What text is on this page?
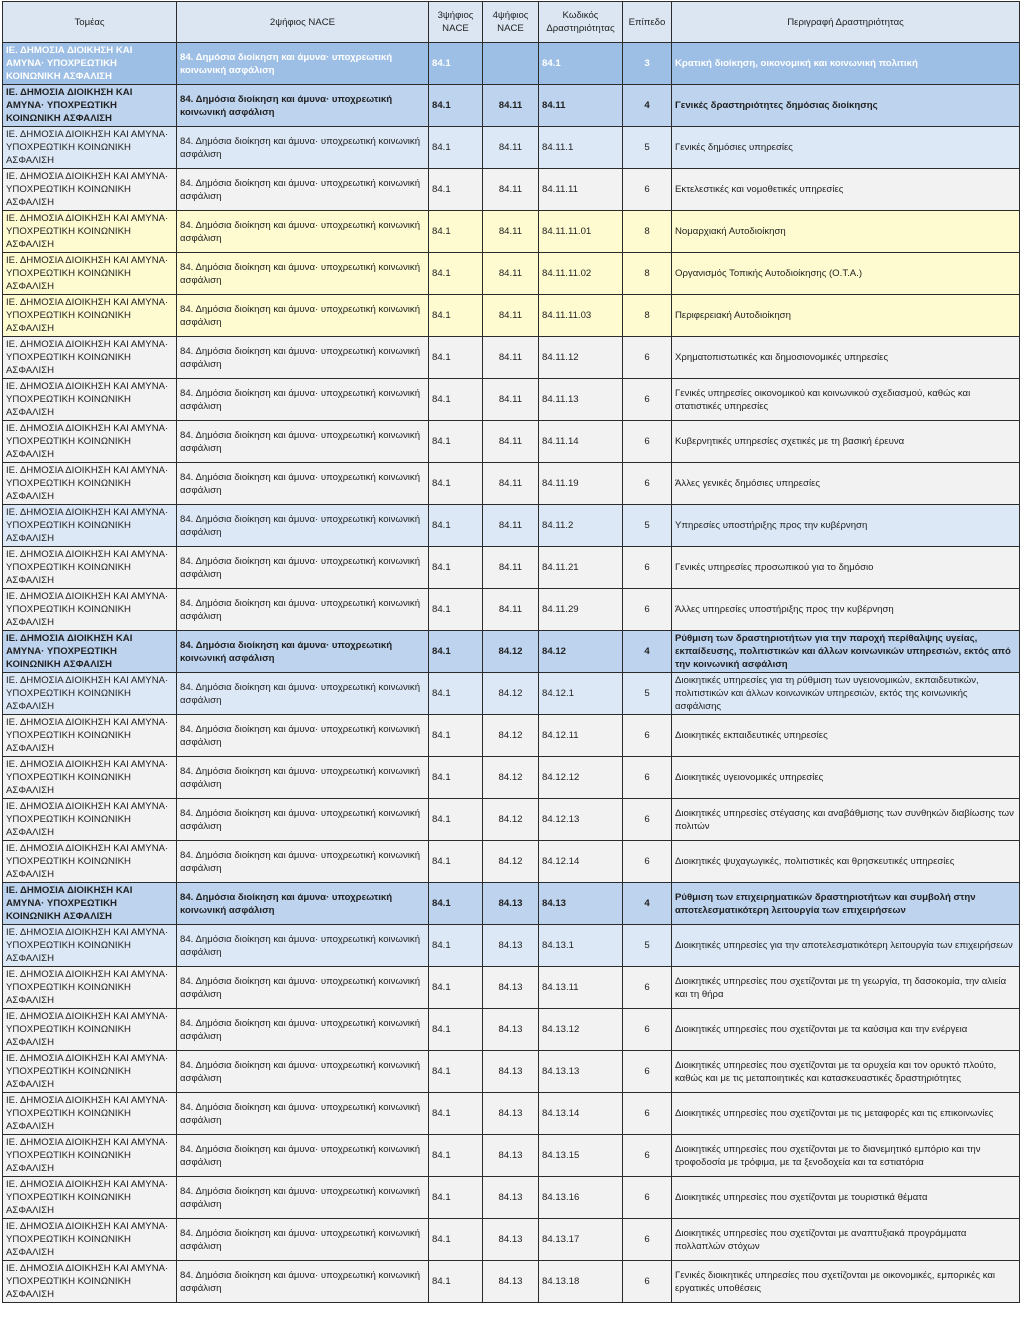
Τομέας	2ψήφιος NACE	3ψήφιος NACE	4ψήφιος NACE	Κωδικός Δραστηριότητας	Επίπεδο	Περιγραφή Δραστηριότητας
ΙΕ. ΔΗΜΟΣΙΑ ΔΙΟΙΚΗΣΗ ΚΑΙ ΑΜΥΝΑ· ΥΠΟΧΡΕΩΤΙΚΗ ΚΟΙΝΩΝΙΚΗ ΑΣΦΑΛΙΣΗ	84. Δημόσια διοίκηση και άμυνα· υποχρεωτική κοινωνική ασφάλιση	84.1		84.1	3	Κρατική διοίκηση, οικονομική και κοινωνική πολιτική
ΙΕ. ΔΗΜΟΣΙΑ ΔΙΟΙΚΗΣΗ ΚΑΙ ΑΜΥΝΑ· ΥΠΟΧΡΕΩΤΙΚΗ ΚΟΙΝΩΝΙΚΗ ΑΣΦΑΛΙΣΗ	84. Δημόσια διοίκηση και άμυνα· υποχρεωτική κοινωνική ασφάλιση	84.1	84.11	84.11	4	Γενικές δραστηριότητες δημόσιας διοίκησης
ΙΕ. ΔΗΜΟΣΙΑ ΔΙΟΙΚΗΣΗ ΚΑΙ ΑΜΥΝΑ· ΥΠΟΧΡΕΩΤΙΚΗ ΚΟΙΝΩΝΙΚΗ ΑΣΦΑΛΙΣΗ	84. Δημόσια διοίκηση και άμυνα· υποχρεωτική κοινωνική ασφάλιση	84.1	84.11	84.11.1	5	Γενικές δημόσιες υπηρεσίες
ΙΕ. ΔΗΜΟΣΙΑ ΔΙΟΙΚΗΣΗ ΚΑΙ ΑΜΥΝΑ· ΥΠΟΧΡΕΩΤΙΚΗ ΚΟΙΝΩΝΙΚΗ ΑΣΦΑΛΙΣΗ	84. Δημόσια διοίκηση και άμυνα· υποχρεωτική κοινωνική ασφάλιση	84.1	84.11	84.11.11	6	Εκτελεστικές και νομοθετικές υπηρεσίες
ΙΕ. ΔΗΜΟΣΙΑ ΔΙΟΙΚΗΣΗ ΚΑΙ ΑΜΥΝΑ· ΥΠΟΧΡΕΩΤΙΚΗ ΚΟΙΝΩΝΙΚΗ ΑΣΦΑΛΙΣΗ	84. Δημόσια διοίκηση και άμυνα· υποχρεωτική κοινωνική ασφάλιση	84.1	84.11	84.11.11.01	8	Νομαρχιακή Αυτοδιοίκηση
ΙΕ. ΔΗΜΟΣΙΑ ΔΙΟΙΚΗΣΗ ΚΑΙ ΑΜΥΝΑ· ΥΠΟΧΡΕΩΤΙΚΗ ΚΟΙΝΩΝΙΚΗ ΑΣΦΑΛΙΣΗ	84. Δημόσια διοίκηση και άμυνα· υποχρεωτική κοινωνική ασφάλιση	84.1	84.11	84.11.11.02	8	Οργανισμός Τοπικής Αυτοδιοίκησης (Ο.Τ.Α.)
ΙΕ. ΔΗΜΟΣΙΑ ΔΙΟΙΚΗΣΗ ΚΑΙ ΑΜΥΝΑ· ΥΠΟΧΡΕΩΤΙΚΗ ΚΟΙΝΩΝΙΚΗ ΑΣΦΑΛΙΣΗ	84. Δημόσια διοίκηση και άμυνα· υποχρεωτική κοινωνική ασφάλιση	84.1	84.11	84.11.11.03	8	Περιφερειακή Αυτοδιοίκηση
ΙΕ. ΔΗΜΟΣΙΑ ΔΙΟΙΚΗΣΗ ΚΑΙ ΑΜΥΝΑ· ΥΠΟΧΡΕΩΤΙΚΗ ΚΟΙΝΩΝΙΚΗ ΑΣΦΑΛΙΣΗ	84. Δημόσια διοίκηση και άμυνα· υποχρεωτική κοινωνική ασφάλιση	84.1	84.11	84.11.12	6	Χρηματοπιστωτικές και δημοσιονομικές υπηρεσίες
ΙΕ. ΔΗΜΟΣΙΑ ΔΙΟΙΚΗΣΗ ΚΑΙ ΑΜΥΝΑ· ΥΠΟΧΡΕΩΤΙΚΗ ΚΟΙΝΩΝΙΚΗ ΑΣΦΑΛΙΣΗ	84. Δημόσια διοίκηση και άμυνα· υποχρεωτική κοινωνική ασφάλιση	84.1	84.11	84.11.13	6	Γενικές υπηρεσίες οικονομικού και κοινωνικού σχεδιασμού, καθώς και στατιστικές υπηρεσίες
ΙΕ. ΔΗΜΟΣΙΑ ΔΙΟΙΚΗΣΗ ΚΑΙ ΑΜΥΝΑ· ΥΠΟΧΡΕΩΤΙΚΗ ΚΟΙΝΩΝΙΚΗ ΑΣΦΑΛΙΣΗ	84. Δημόσια διοίκηση και άμυνα· υποχρεωτική κοινωνική ασφάλιση	84.1	84.11	84.11.14	6	Κυβερνητικές υπηρεσίες σχετικές με τη βασική έρευνα
ΙΕ. ΔΗΜΟΣΙΑ ΔΙΟΙΚΗΣΗ ΚΑΙ ΑΜΥΝΑ· ΥΠΟΧΡΕΩΤΙΚΗ ΚΟΙΝΩΝΙΚΗ ΑΣΦΑΛΙΣΗ	84. Δημόσια διοίκηση και άμυνα· υποχρεωτική κοινωνική ασφάλιση	84.1	84.11	84.11.19	6	Άλλες γενικές δημόσιες υπηρεσίες
ΙΕ. ΔΗΜΟΣΙΑ ΔΙΟΙΚΗΣΗ ΚΑΙ ΑΜΥΝΑ· ΥΠΟΧΡΕΩΤΙΚΗ ΚΟΙΝΩΝΙΚΗ ΑΣΦΑΛΙΣΗ	84. Δημόσια διοίκηση και άμυνα· υποχρεωτική κοινωνική ασφάλιση	84.1	84.11	84.11.2	5	Υπηρεσίες υποστήριξης προς την κυβέρνηση
ΙΕ. ΔΗΜΟΣΙΑ ΔΙΟΙΚΗΣΗ ΚΑΙ ΑΜΥΝΑ· ΥΠΟΧΡΕΩΤΙΚΗ ΚΟΙΝΩΝΙΚΗ ΑΣΦΑΛΙΣΗ	84. Δημόσια διοίκηση και άμυνα· υποχρεωτική κοινωνική ασφάλιση	84.1	84.11	84.11.21	6	Γενικές υπηρεσίες προσωπικού για το δημόσιο
ΙΕ. ΔΗΜΟΣΙΑ ΔΙΟΙΚΗΣΗ ΚΑΙ ΑΜΥΝΑ· ΥΠΟΧΡΕΩΤΙΚΗ ΚΟΙΝΩΝΙΚΗ ΑΣΦΑΛΙΣΗ	84. Δημόσια διοίκηση και άμυνα· υποχρεωτική κοινωνική ασφάλιση	84.1	84.11	84.11.29	6	Άλλες υπηρεσίες υποστήριξης προς την κυβέρνηση
ΙΕ. ΔΗΜΟΣΙΑ ΔΙΟΙΚΗΣΗ ΚΑΙ ΑΜΥΝΑ· ΥΠΟΧΡΕΩΤΙΚΗ ΚΟΙΝΩΝΙΚΗ ΑΣΦΑΛΙΣΗ	84. Δημόσια διοίκηση και άμυνα· υποχρεωτική κοινωνική ασφάλιση	84.1	84.12	84.12	4	Ρύθμιση των δραστηριοτήτων για την παροχή περίθαλψης υγείας, εκπαίδευσης, πολιτιστικών και άλλων κοινωνικών υπηρεσιών, εκτός από την κοινωνική ασφάλιση
ΙΕ. ΔΗΜΟΣΙΑ ΔΙΟΙΚΗΣΗ ΚΑΙ ΑΜΥΝΑ· ΥΠΟΧΡΕΩΤΙΚΗ ΚΟΙΝΩΝΙΚΗ ΑΣΦΑΛΙΣΗ	84. Δημόσια διοίκηση και άμυνα· υποχρεωτική κοινωνική ασφάλιση	84.1	84.12	84.12.1	5	Διοικητικές υπηρεσίες για τη ρύθμιση των υγειονομικών, εκπαιδευτικών, πολιτιστικών και άλλων κοινωνικών υπηρεσιών, εκτός της κοινωνικής ασφάλισης
ΙΕ. ΔΗΜΟΣΙΑ ΔΙΟΙΚΗΣΗ ΚΑΙ ΑΜΥΝΑ· ΥΠΟΧΡΕΩΤΙΚΗ ΚΟΙΝΩΝΙΚΗ ΑΣΦΑΛΙΣΗ	84. Δημόσια διοίκηση και άμυνα· υποχρεωτική κοινωνική ασφάλιση	84.1	84.12	84.12.11	6	Διοικητικές εκπαιδευτικές υπηρεσίες
ΙΕ. ΔΗΜΟΣΙΑ ΔΙΟΙΚΗΣΗ ΚΑΙ ΑΜΥΝΑ· ΥΠΟΧΡΕΩΤΙΚΗ ΚΟΙΝΩΝΙΚΗ ΑΣΦΑΛΙΣΗ	84. Δημόσια διοίκηση και άμυνα· υποχρεωτική κοινωνική ασφάλιση	84.1	84.12	84.12.12	6	Διοικητικές υγειονομικές υπηρεσίες
ΙΕ. ΔΗΜΟΣΙΑ ΔΙΟΙΚΗΣΗ ΚΑΙ ΑΜΥΝΑ· ΥΠΟΧΡΕΩΤΙΚΗ ΚΟΙΝΩΝΙΚΗ ΑΣΦΑΛΙΣΗ	84. Δημόσια διοίκηση και άμυνα· υποχρεωτική κοινωνική ασφάλιση	84.1	84.12	84.12.13	6	Διοικητικές υπηρεσίες στέγασης και αναβάθμισης των συνθηκών διαβίωσης των πολιτών
ΙΕ. ΔΗΜΟΣΙΑ ΔΙΟΙΚΗΣΗ ΚΑΙ ΑΜΥΝΑ· ΥΠΟΧΡΕΩΤΙΚΗ ΚΟΙΝΩΝΙΚΗ ΑΣΦΑΛΙΣΗ	84. Δημόσια διοίκηση και άμυνα· υποχρεωτική κοινωνική ασφάλιση	84.1	84.12	84.12.14	6	Διοικητικές ψυχαγωγικές, πολιτιστικές και θρησκευτικές υπηρεσίες
ΙΕ. ΔΗΜΟΣΙΑ ΔΙΟΙΚΗΣΗ ΚΑΙ ΑΜΥΝΑ· ΥΠΟΧΡΕΩΤΙΚΗ ΚΟΙΝΩΝΙΚΗ ΑΣΦΑΛΙΣΗ	84. Δημόσια διοίκηση και άμυνα· υποχρεωτική κοινωνική ασφάλιση	84.1	84.13	84.13	4	Ρύθμιση των επιχειρηματικών δραστηριοτήτων και συμβολή στην αποτελεσματικότερη λειτουργία των επιχειρήσεων
ΙΕ. ΔΗΜΟΣΙΑ ΔΙΟΙΚΗΣΗ ΚΑΙ ΑΜΥΝΑ· ΥΠΟΧΡΕΩΤΙΚΗ ΚΟΙΝΩΝΙΚΗ ΑΣΦΑΛΙΣΗ	84. Δημόσια διοίκηση και άμυνα· υποχρεωτική κοινωνική ασφάλιση	84.1	84.13	84.13.1	5	Διοικητικές υπηρεσίες για την αποτελεσματικότερη λειτουργία των επιχειρήσεων
ΙΕ. ΔΗΜΟΣΙΑ ΔΙΟΙΚΗΣΗ ΚΑΙ ΑΜΥΝΑ· ΥΠΟΧΡΕΩΤΙΚΗ ΚΟΙΝΩΝΙΚΗ ΑΣΦΑΛΙΣΗ	84. Δημόσια διοίκηση και άμυνα· υποχρεωτική κοινωνική ασφάλιση	84.1	84.13	84.13.11	6	Διοικητικές υπηρεσίες που σχετίζονται με τη γεωργία, τη δασοκομία, την αλιεία και τη θήρα
ΙΕ. ΔΗΜΟΣΙΑ ΔΙΟΙΚΗΣΗ ΚΑΙ ΑΜΥΝΑ· ΥΠΟΧΡΕΩΤΙΚΗ ΚΟΙΝΩΝΙΚΗ ΑΣΦΑΛΙΣΗ	84. Δημόσια διοίκηση και άμυνα· υποχρεωτική κοινωνική ασφάλιση	84.1	84.13	84.13.12	6	Διοικητικές υπηρεσίες που σχετίζονται με τα καύσιμα και την ενέργεια
ΙΕ. ΔΗΜΟΣΙΑ ΔΙΟΙΚΗΣΗ ΚΑΙ ΑΜΥΝΑ· ΥΠΟΧΡΕΩΤΙΚΗ ΚΟΙΝΩΝΙΚΗ ΑΣΦΑΛΙΣΗ	84. Δημόσια διοίκηση και άμυνα· υποχρεωτική κοινωνική ασφάλιση	84.1	84.13	84.13.13	6	Διοικητικές υπηρεσίες που σχετίζονται με τα ορυχεία και τον ορυκτό πλούτο, καθώς και με τις μεταποιητικές και κατασκευαστικές δραστηριότητες
ΙΕ. ΔΗΜΟΣΙΑ ΔΙΟΙΚΗΣΗ ΚΑΙ ΑΜΥΝΑ· ΥΠΟΧΡΕΩΤΙΚΗ ΚΟΙΝΩΝΙΚΗ ΑΣΦΑΛΙΣΗ	84. Δημόσια διοίκηση και άμυνα· υποχρεωτική κοινωνική ασφάλιση	84.1	84.13	84.13.14	6	Διοικητικές υπηρεσίες που σχετίζονται με τις μεταφορές και τις επικοινωνίες
ΙΕ. ΔΗΜΟΣΙΑ ΔΙΟΙΚΗΣΗ ΚΑΙ ΑΜΥΝΑ· ΥΠΟΧΡΕΩΤΙΚΗ ΚΟΙΝΩΝΙΚΗ ΑΣΦΑΛΙΣΗ	84. Δημόσια διοίκηση και άμυνα· υποχρεωτική κοινωνική ασφάλιση	84.1	84.13	84.13.15	6	Διοικητικές υπηρεσίες που σχετίζονται με το διανεμητικό εμπόριο και την τροφοδοσία με τρόφιμα, με τα ξενοδοχεία και τα εστιατόρια
ΙΕ. ΔΗΜΟΣΙΑ ΔΙΟΙΚΗΣΗ ΚΑΙ ΑΜΥΝΑ· ΥΠΟΧΡΕΩΤΙΚΗ ΚΟΙΝΩΝΙΚΗ ΑΣΦΑΛΙΣΗ	84. Δημόσια διοίκηση και άμυνα· υποχρεωτική κοινωνική ασφάλιση	84.1	84.13	84.13.16	6	Διοικητικές υπηρεσίες που σχετίζονται με τουριστικά θέματα
ΙΕ. ΔΗΜΟΣΙΑ ΔΙΟΙΚΗΣΗ ΚΑΙ ΑΜΥΝΑ· ΥΠΟΧΡΕΩΤΙΚΗ ΚΟΙΝΩΝΙΚΗ ΑΣΦΑΛΙΣΗ	84. Δημόσια διοίκηση και άμυνα· υποχρεωτική κοινωνική ασφάλιση	84.1	84.13	84.13.17	6	Διοικητικές υπηρεσίες που σχετίζονται με αναπτυξιακά προγράμματα πολλαπλών στόχων
ΙΕ. ΔΗΜΟΣΙΑ ΔΙΟΙΚΗΣΗ ΚΑΙ ΑΜΥΝΑ· ΥΠΟΧΡΕΩΤΙΚΗ ΚΟΙΝΩΝΙΚΗ ΑΣΦΑΛΙΣΗ	84. Δημόσια διοίκηση και άμυνα· υποχρεωτική κοινωνική ασφάλιση	84.1	84.13	84.13.18	6	Γενικές διοικητικές υπηρεσίες που σχετίζονται με οικονομικές, εμπορικές και εργατικές υποθέσεις
